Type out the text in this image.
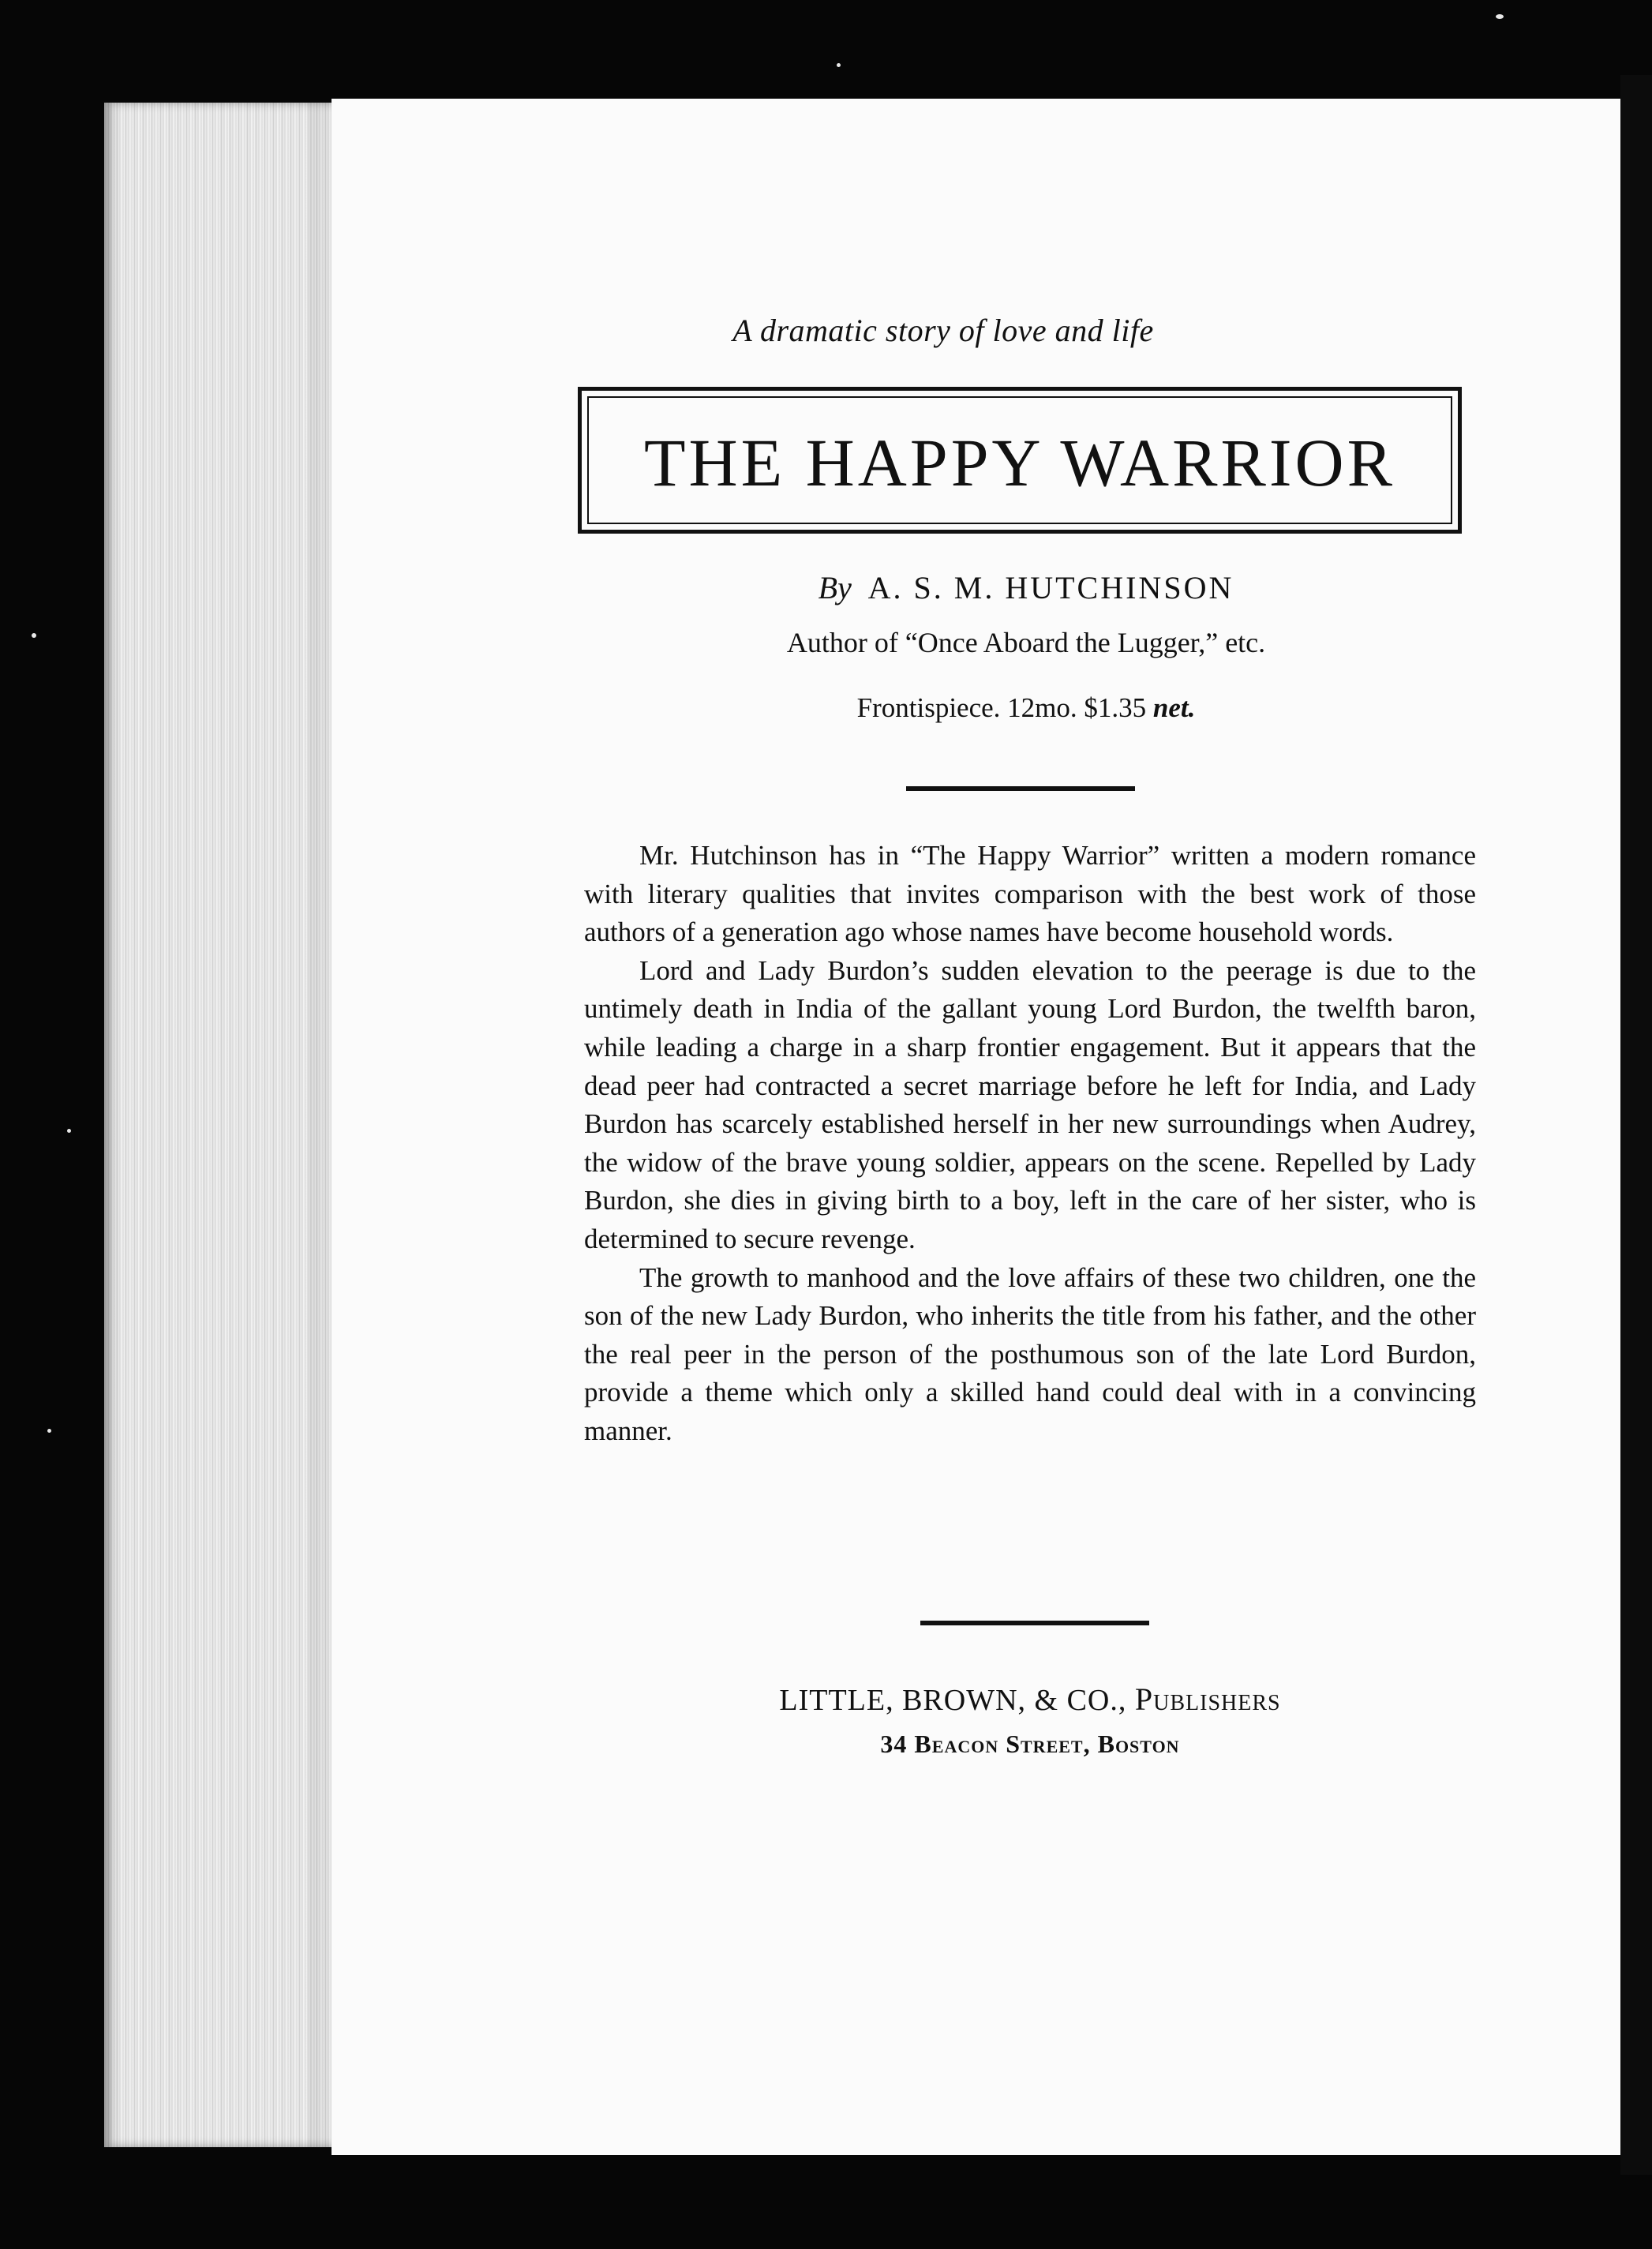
A dramatic story of love and life
THE HAPPY WARRIOR
By A. S. M. HUTCHINSON
Author of “Once Aboard the Lugger,” etc.
Frontispiece. 12mo. $1.35 net.

Mr. Hutchinson has in “The Happy Warrior” written a modern romance with literary qualities that invites comparison with the best work of those authors of a generation ago whose names have become household words.

Lord and Lady Burdon’s sudden elevation to the peerage is due to the untimely death in India of the gallant young Lord Burdon, the twelfth baron, while leading a charge in a sharp frontier engagement. But it appears that the dead peer had contracted a secret marriage before he left for India, and Lady Burdon has scarcely established herself in her new surroundings when Audrey, the widow of the brave young soldier, appears on the scene. Repelled by Lady Burdon, she dies in giving birth to a boy, left in the care of her sister, who is determined to secure revenge.

The growth to manhood and the love affairs of these two children, one the son of the new Lady Burdon, who inherits the title from his father, and the other the real peer in the person of the posthumous son of the late Lord Burdon, provide a theme which only a skilled hand could deal with in a convincing manner.

LITTLE, BROWN, & CO., Publishers
34 Beacon Street, Boston
